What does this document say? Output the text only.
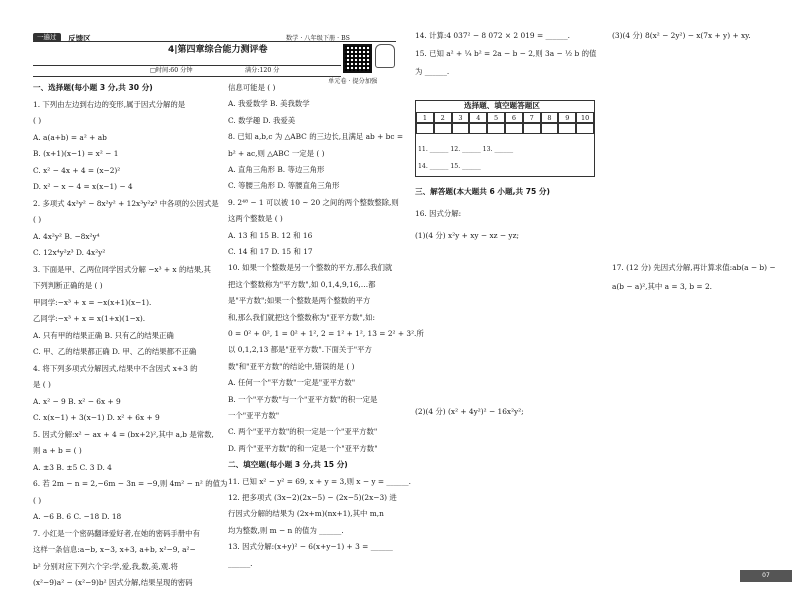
一遍过	反馈区	数学 · 八年级下册 · BS
4|第四章综合能力测评卷
□时间:60 分钟	满分:120 分
单元卷 · 提分加强
一、选择题(每小题 3 分,共 30 分)
1. 下列由左边到右边的变形,属于因式分解的是
( )
A. a(a+b) = a² + ab
B. (x+1)(x−1) = x² − 1
C. x² − 4x + 4 = (x−2)²
D. x² − x − 4 = x(x−1) − 4
2. 多项式 4x²y² − 8x²y² + 12x³y²z³ 中各项的公因式是
( )
A. 4x²y² B. −8x²y⁴
C. 12x⁴y²z³ D. 4x²y²
3. 下面是甲、乙两位同学因式分解 −x³ + x 的结果,其
下列判断正确的是 ( )
甲同学:−x³ + x = −x(x+1)(x−1).
乙同学:−x³ + x = x(1+x)(1−x).
A. 只有甲的结果正确 B. 只有乙的结果正确
C. 甲、乙的结果都正确 D. 甲、乙的结果都不正确
4. 将下列多项式分解因式,结果中不含因式 x+3 的
是 ( )
A. x² − 9 B. x² − 6x + 9
C. x(x−1) + 3(x−1) D. x² + 6x + 9
5. 因式分解:x² − ax + 4 = (bx+2)²,其中 a,b 是常数,
则 a + b = ( )
A. ±3 B. ±5 C. 3 D. 4
6. 若 2m − n = 2,−6m − 3n = −9,则 4m² − n² 的值为
( )
A. −6 B. 6 C. −18 D. 18
7. 小红是一个密码翻译爱好者,在她的密码手册中有
这样一条信息:a−b, x−3, x+3, a+b, x²−9, a²−
b² 分别对应下列六个字:学,爱,我,数,美,观.将
(x²−9)a² − (x²−9)b² 因式分解,结果呈现的密码
信息可能是 ( )
A. 我爱数学 B. 美我数学
C. 数学趣 D. 我爱美
8. 已知 a,b,c 为 △ABC 的三边长,且满足 ab + bc =
b² + ac,则 △ABC 一定是 ( )
A. 直角三角形 B. 等边三角形
C. 等腰三角形 D. 等腰直角三角形
9. 2⁴⁸ − 1 可以被 10 ~ 20 之间的两个整数整除,则
这两个整数是 ( )
A. 13 和 15 B. 12 和 16
C. 14 和 17 D. 15 和 17
10. 如果一个整数是另一个整数的平方,那么我们就
把这个整数称为"平方数",如 0,1,4,9,16,…都
是"平方数";如果一个整数是两个整数的平方
和,那么我们就把这个整数称为"亚平方数",如:
0 = 0² + 0², 1 = 0² + 1², 2 = 1² + 1², 13 = 2² + 3².所
以 0,1,2,13 都是"亚平方数".下面关于"平方
数"和"亚平方数"的结论中,错误的是 ( )
A. 任何一个"平方数"一定是"亚平方数"
B. 一个"平方数"与一个"亚平方数"的积一定是
一个"亚平方数"
C. 两个"亚平方数"的积一定是一个"亚平方数"
D. 两个"亚平方数"的和一定是一个"亚平方数"
二、填空题(每小题 3 分,共 15 分)
11. 已知 x² − y² = 69, x + y = 3,则 x − y = ______.
12. 把多项式 (3x−2)(2x−5) − (2x−5)(2x−3) 进
行因式分解的结果为 (2x+m)(nx+1),其中 m,n
均为整数,则 m − n 的值为 ______.
13. 因式分解:(x+y)² − 6(x+y−1) + 3 = ______
______.
14. 计算:4 037² − 8 072 × 2 019 = ______.
15. 已知 a² + ¼ b² = 2a − b − 2,则 3a − ½ b 的值
为 ______.
选择题、填空题答题区
1	2	3	4	5	6	7	8	9	10
11. ______ 12. ______ 13. ______
14. ______ 15. ______
三、解答题(本大题共 6 小题,共 75 分)
16. 因式分解:
(1)(4 分) x²y + xy − xz − yz;
(2)(4 分) (x² + 4y²)² − 16x²y²;
(3)(4 分) 8(x² − 2y²) − x(7x + y) + xy.
17. (12 分) 先因式分解,再计算求值:ab(a − b) −
a(b − a)²,其中 a = 3, b = 2.
07
